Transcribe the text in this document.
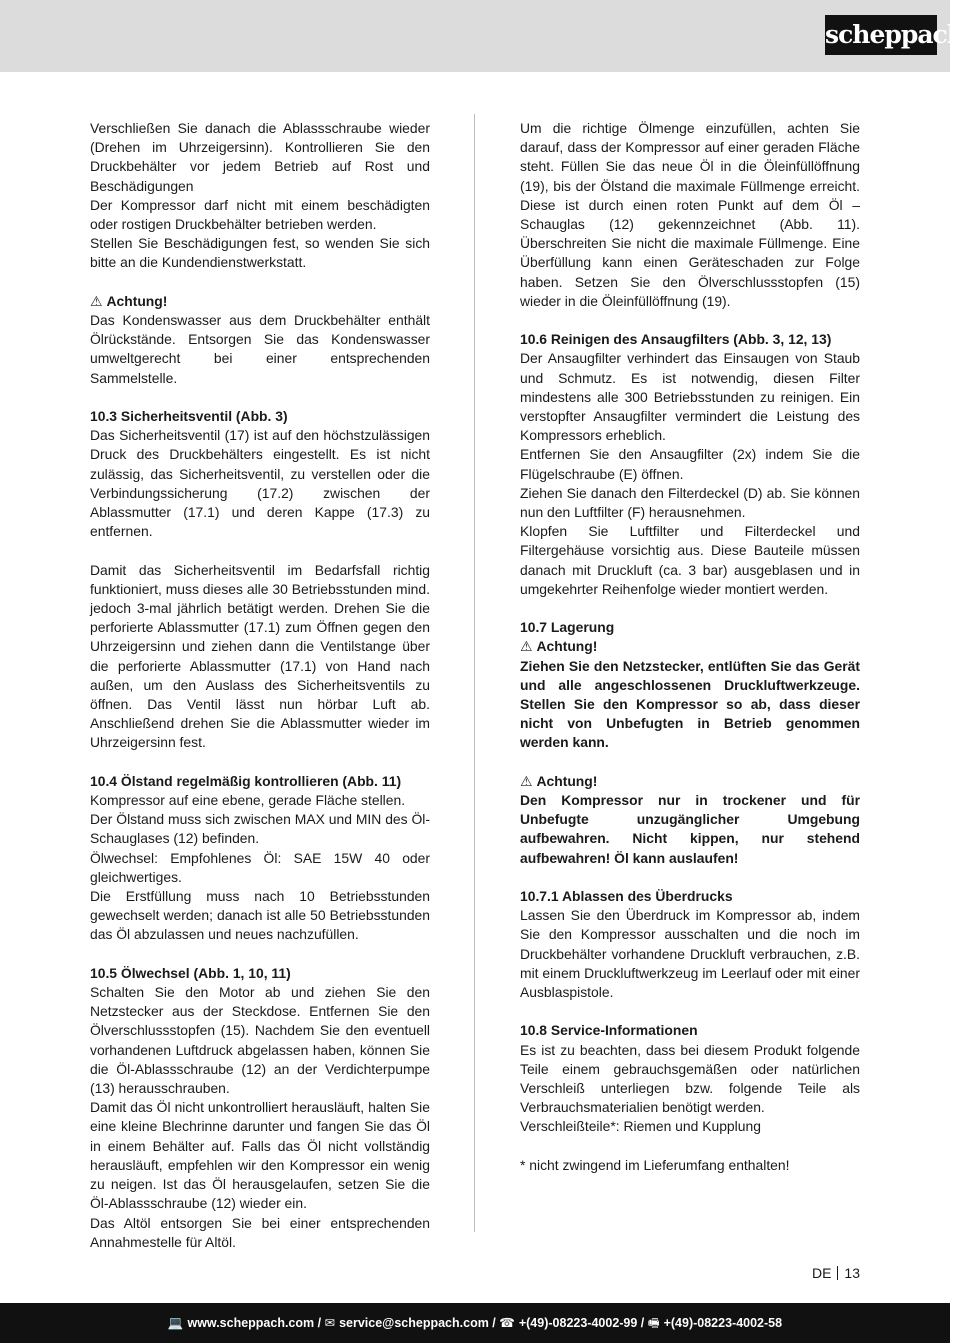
scheppach

Verschließen Sie danach die Ablassschraube wieder (Drehen im Uhrzeigersinn). Kontrollieren Sie den Druckbehälter vor jedem Betrieb auf Rost und Beschädigungen

Der Kompressor darf nicht mit einem beschädigten oder rostigen Druckbehälter betrieben werden.

Stellen Sie Beschädigungen fest, so wenden Sie sich bitte an die Kundendienstwerkstatt.

⚠ Achtung!

Das Kondenswasser aus dem Druckbehälter enthält Ölrückstände. Entsorgen Sie das Kondenswasser umweltgerecht bei einer entsprechenden Sammelstelle.

10.3 Sicherheitsventil (Abb. 3)

Das Sicherheitsventil (17) ist auf den höchstzulässigen Druck des Druckbehälters eingestellt. Es ist nicht zulässig, das Sicherheitsventil, zu verstellen oder die Verbindungssicherung (17.2) zwischen der Ablassmutter (17.1) und deren Kappe (17.3) zu entfernen.

Damit das Sicherheitsventil im Bedarfsfall richtig funktioniert, muss dieses alle 30 Betriebsstunden mind. jedoch 3-mal jährlich betätigt werden. Drehen Sie die perforierte Ablassmutter (17.1) zum Öffnen gegen den Uhrzeigersinn und ziehen dann die Ventilstange über die perforierte Ablassmutter (17.1) von Hand nach außen, um den Auslass des Sicherheitsventils zu öffnen. Das Ventil lässt nun hörbar Luft ab. Anschließend drehen Sie die Ablassmutter wieder im Uhrzeigersinn fest.

10.4 Ölstand regelmäßig kontrollieren (Abb. 11)

Kompressor auf eine ebene, gerade Fläche stellen.

Der Ölstand muss sich zwischen MAX und MIN des Öl-Schauglases (12) befinden.

Ölwechsel: Empfohlenes Öl: SAE 15W 40 oder gleichwertiges.

Die Erstfüllung muss nach 10 Betriebsstunden gewechselt werden; danach ist alle 50 Betriebsstunden das Öl abzulassen und neues nachzufüllen.

10.5 Ölwechsel (Abb. 1, 10, 11)

Schalten Sie den Motor ab und ziehen Sie den Netzstecker aus der Steckdose. Entfernen Sie den Ölverschlussstopfen (15). Nachdem Sie den eventuell vorhandenen Luftdruck abgelassen haben, können Sie die Öl-Ablassschraube (12) an der Verdichterpumpe (13) herausschrauben.

Damit das Öl nicht unkontrolliert herausläuft, halten Sie eine kleine Blechrinne darunter und fangen Sie das Öl in einem Behälter auf. Falls das Öl nicht vollständig herausläuft, empfehlen wir den Kompressor ein wenig zu neigen. Ist das Öl herausgelaufen, setzen Sie die Öl-Ablassschraube (12) wieder ein.

Das Altöl entsorgen Sie bei einer entsprechenden Annahmestelle für Altöl.

Um die richtige Ölmenge einzufüllen, achten Sie darauf, dass der Kompressor auf einer geraden Fläche steht. Füllen Sie das neue Öl in die Öleinfüllöffnung (19), bis der Ölstand die maximale Füllmenge erreicht. Diese ist durch einen roten Punkt auf dem Öl – Schauglas (12) gekennzeichnet (Abb. 11). Überschreiten Sie nicht die maximale Füllmenge. Eine Überfüllung kann einen Geräteschaden zur Folge haben. Setzen Sie den Ölverschlussstopfen (15) wieder in die Öleinfüllöffnung (19).

10.6 Reinigen des Ansaugfilters (Abb. 3, 12, 13)

Der Ansaugfilter verhindert das Einsaugen von Staub und Schmutz. Es ist notwendig, diesen Filter mindestens alle 300 Betriebsstunden zu reinigen. Ein verstopfter Ansaugfilter vermindert die Leistung des Kompressors erheblich.

Entfernen Sie den Ansaugfilter (2x) indem Sie die Flügelschraube (E) öffnen.

Ziehen Sie danach den Filterdeckel (D) ab. Sie können nun den Luftfilter (F) herausnehmen.

Klopfen Sie Luftfilter und Filterdeckel und Filtergehäuse vorsichtig aus. Diese Bauteile müssen danach mit Druckluft (ca. 3 bar) ausgeblasen und in umgekehrter Reihenfolge wieder montiert werden.

10.7 Lagerung

⚠ Achtung!

Ziehen Sie den Netzstecker, entlüften Sie das Gerät und alle angeschlossenen Druckluftwerkzeuge. Stellen Sie den Kompressor so ab, dass dieser nicht von Unbefugten in Betrieb genommen werden kann.

⚠ Achtung!

Den Kompressor nur in trockener und für Unbefugte unzugänglicher Umgebung aufbewahren. Nicht kippen, nur stehend aufbewahren! Öl kann auslaufen!

10.7.1 Ablassen des Überdrucks

Lassen Sie den Überdruck im Kompressor ab, indem Sie den Kompressor ausschalten und die noch im Druckbehälter vorhandene Druckluft verbrauchen, z.B. mit einem Druckluftwerkzeug im Leerlauf oder mit einer Ausblaspistole.

10.8 Service-Informationen

Es ist zu beachten, dass bei diesem Produkt folgende Teile einem gebrauchsgemäßen oder natürlichen Verschleiß unterliegen bzw. folgende Teile als Verbrauchsmaterialien benötigt werden.

Verschleißteile*: Riemen und Kupplung

* nicht zwingend im Lieferumfang enthalten!

DE 13
💻 www.scheppach.com / ✉ service@scheppach.com / ☎ +(49)-08223-4002-99 / 🖷 +(49)-08223-4002-58
